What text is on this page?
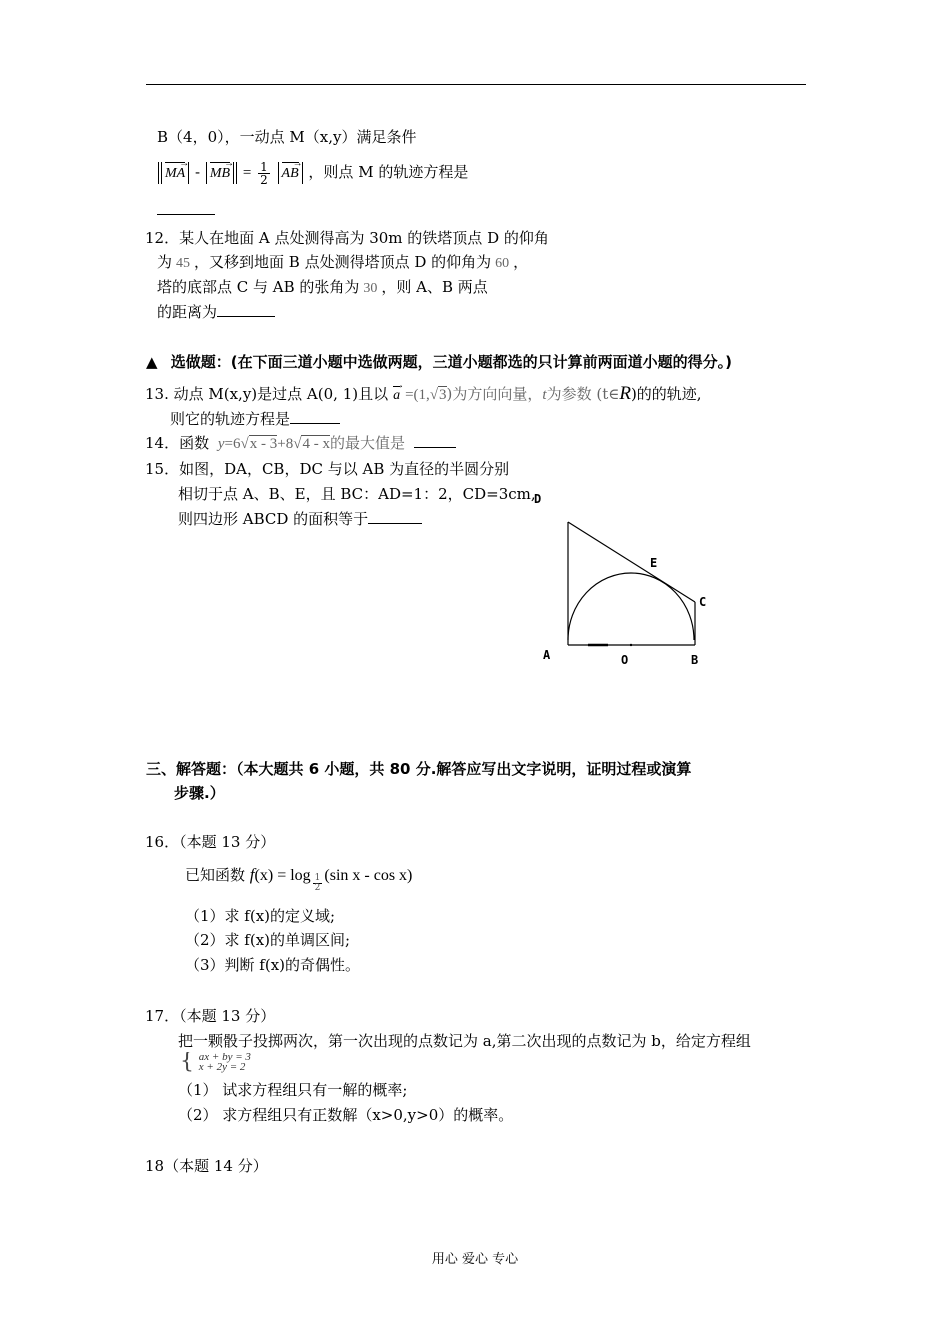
B（4，0），一动点 M（x,y）满足条件
MA → - MB → = $\frac{1}{2}$ AB → ，则点 M 的轨迹方程是
12．某人在地面 A 点处测得高为 30m 的铁塔顶点 D 的仰角
为 45 ，又移到地面 B 点处测得塔顶点 D 的仰角为 60 ，
塔的底部点 C 与 AB 的张角为 30 ，则 A、B 两点
的距离为
▲ 选做题：(在下面三道小题中选做两题，三道小题都选的只计算前两面道小题的得分。)
13. 动点 M(x,y)是过点 A(0, 1)且以 a → =(1,√3)为方向向量，t为参数 (t∈R)的的轨迹,
则它的轨迹方程是
14．函数 y=6√x - 3+8√4 - x的最大值是
15．如图，DA，CB，DC 与以 AB 为直径的半圆分别
相切于点 A、B、E，且 BC：AD=1：2，CD=3cm,
则四边形 ABCD 的面积等于
D
E
C
A	O	B
三、解答题：（本大题共 6 小题，共 80 分.解答应写出文字说明，证明过程或演算
步骤.）
16．（本题 13 分）
已知函数 $f(x) = \log \frac{1}{2} (\sin$ x - cos x)
（1）求 f(x)的定义域;
（2）求 f(x)的单调区间;
（3）判断 f(x)的奇偶性。
17．（本题 13 分）
把一颗骰子投掷两次，第一次出现的点数记为 a,第二次出现的点数记为 b，给定方程组
{ ax + by = 3
x + 2y = 2
（1） 试求方程组只有一解的概率;
（2） 求方程组只有正数解（x>0,y>0）的概率。
18（本题 14 分）
用心 爱心 专心
